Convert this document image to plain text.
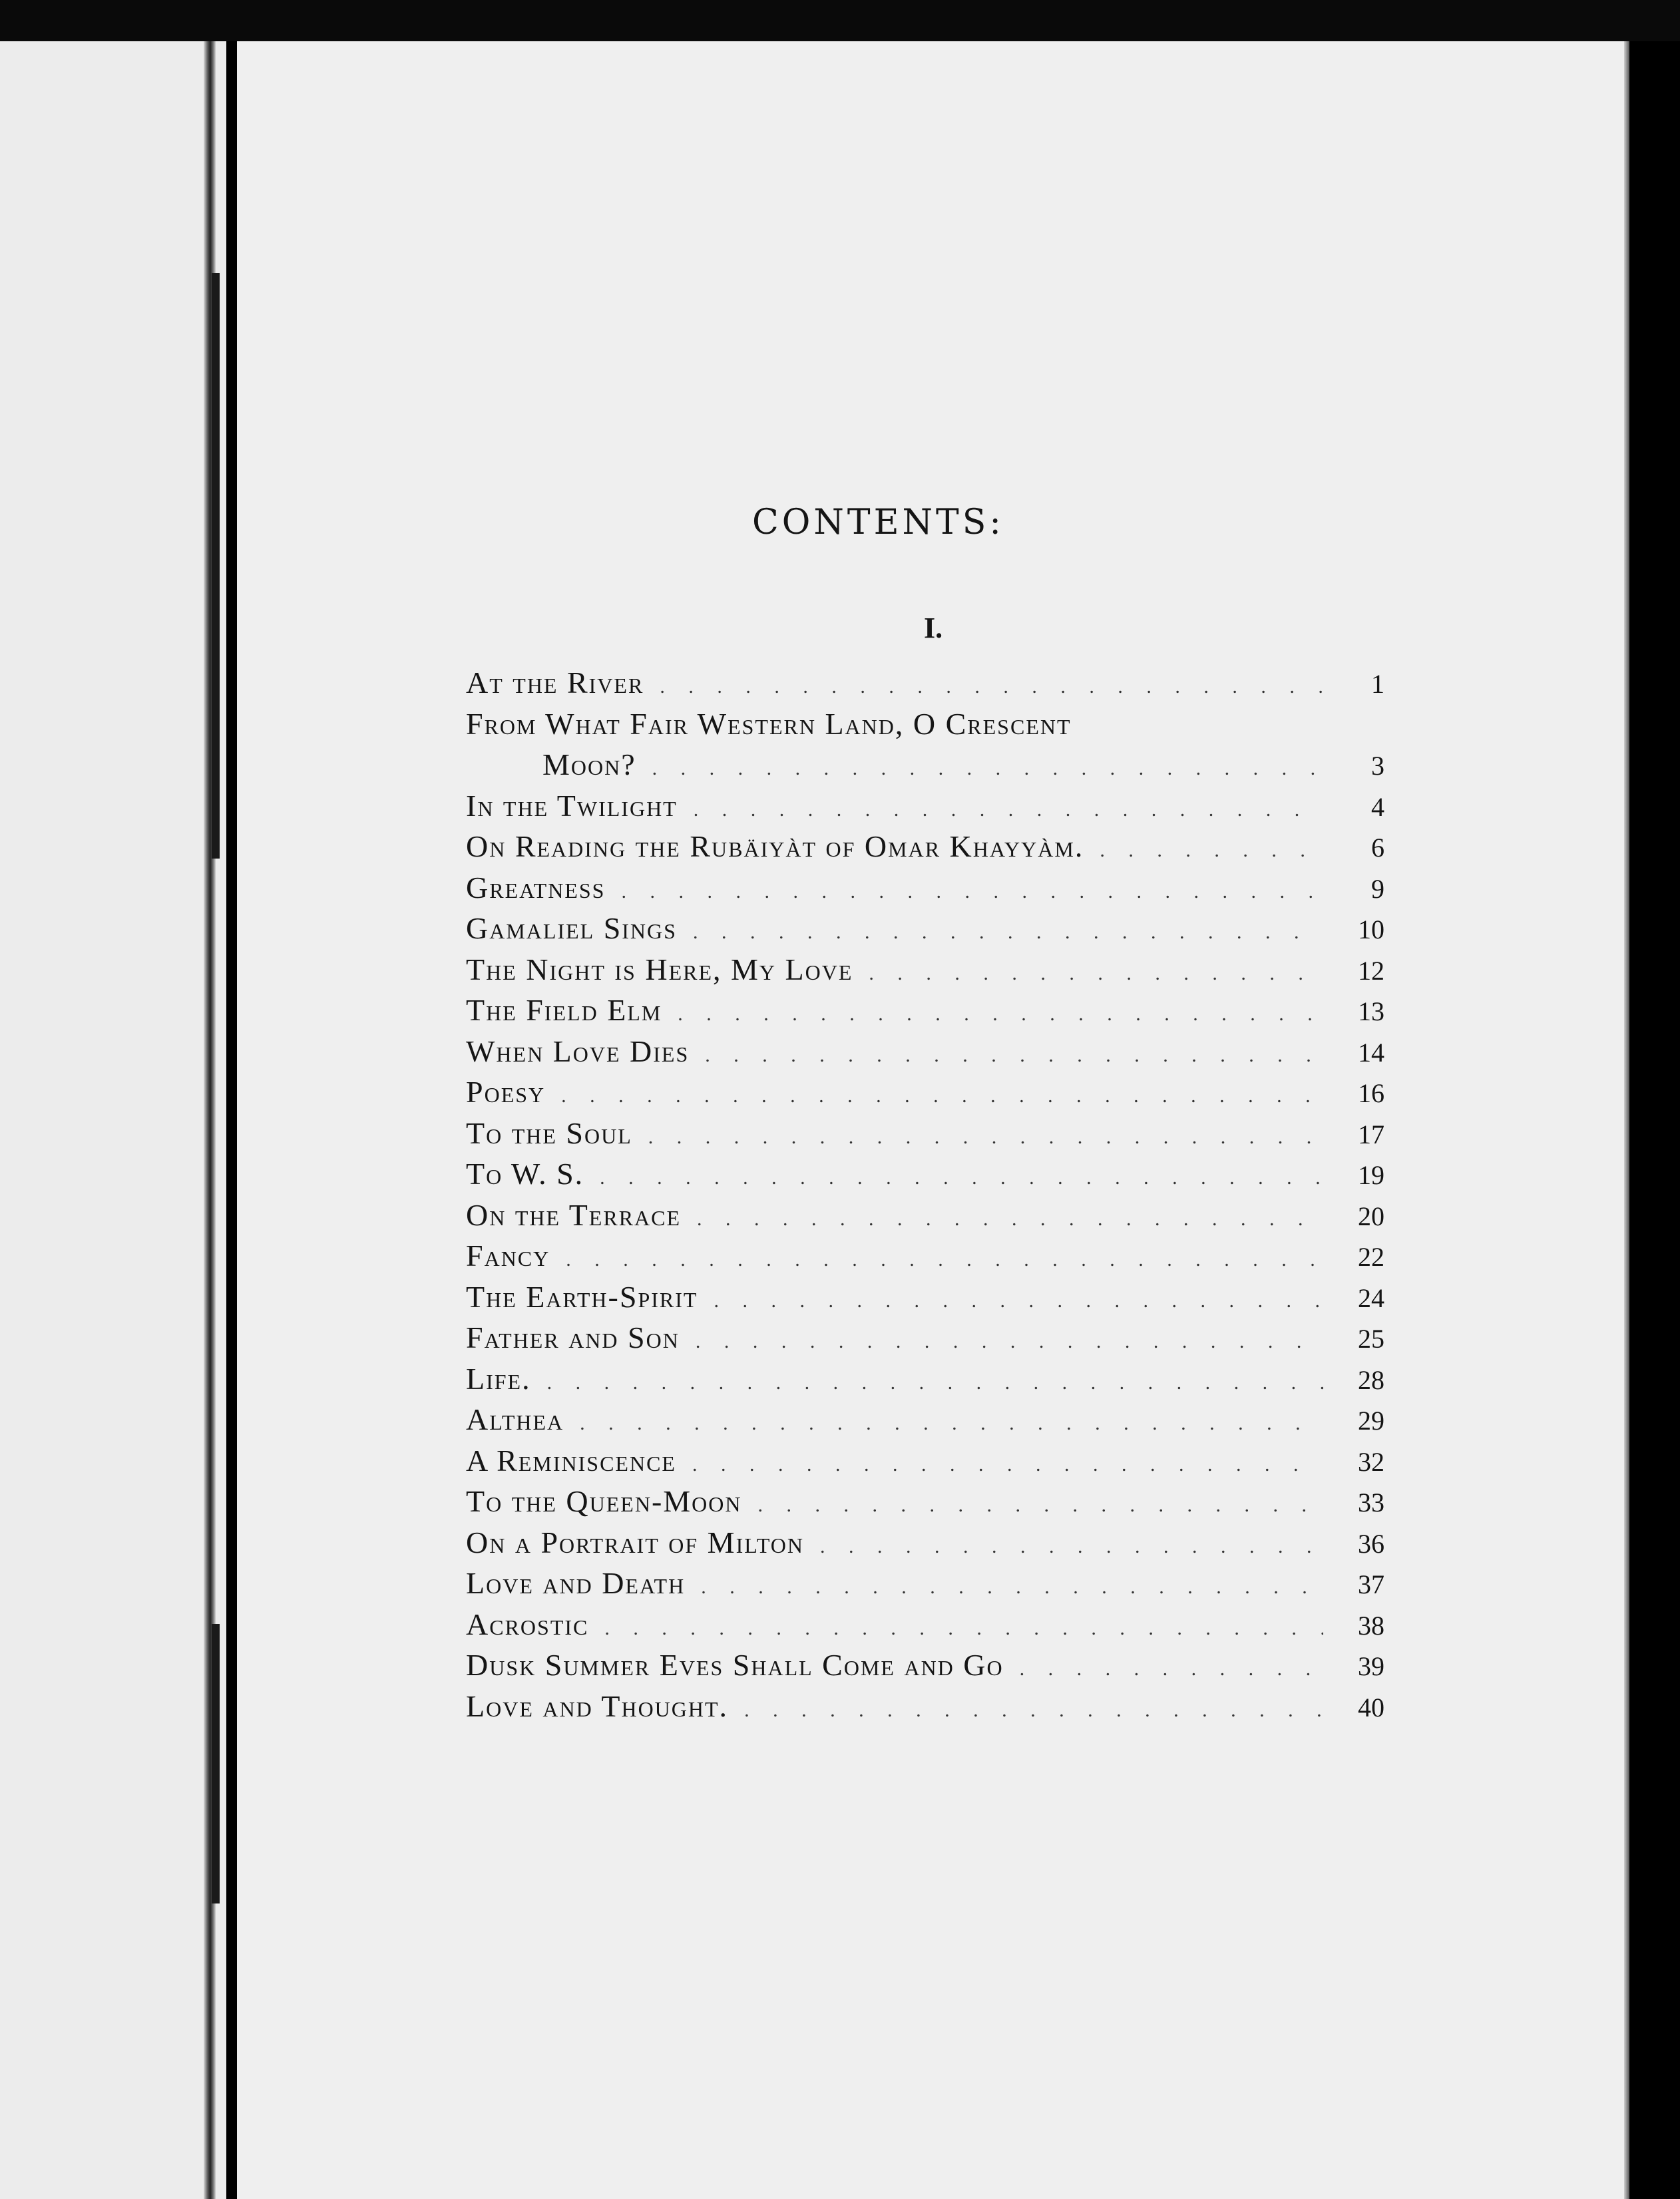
CONTENTS:
I.
At the River . . .	1
From What Fair Western Land, O Crescent
Moon? . . .	3
In the Twilight . . .	4
On Reading the Rubäiyàt of Omar Khayyàm. . . .	6
Greatness . . .	9
Gamaliel Sings . . .	10
The Night is Here, My Love . . .	12
The Field Elm . . .	13
When Love Dies . . .	14
Poesy . . .	16
To the Soul . . .	17
To W. S. . . .	19
On the Terrace . . .	20
Fancy . . .	22
The Earth-Spirit . . .	24
Father and Son . . .	25
Life. . . .	28
Althea . . .	29
A Reminiscence . . .	32
To the Queen-Moon . . .	33
On a Portrait of Milton . . .	36
Love and Death . . .	37
Acrostic . . .	38
Dusk Summer Eves Shall Come and Go . . .	39
Love and Thought. . . .	40
